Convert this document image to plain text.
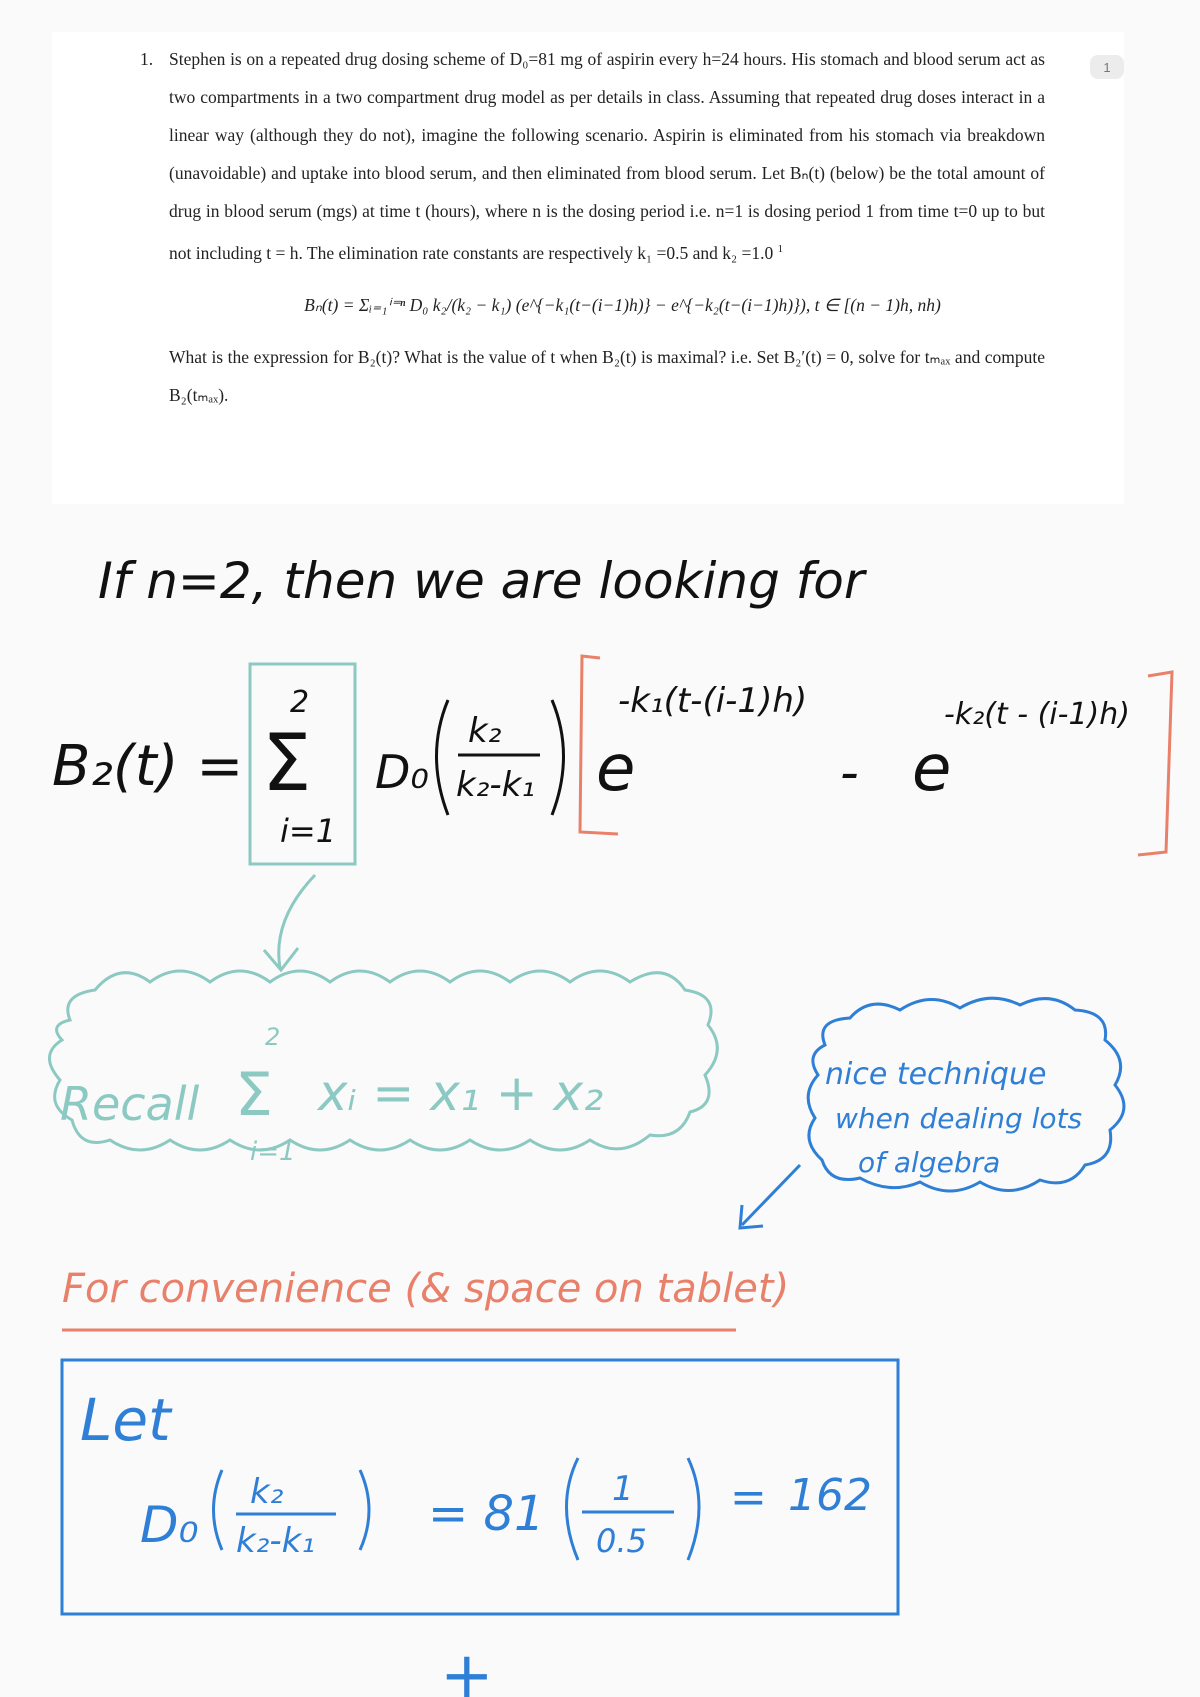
1
1. Stephen is on a repeated drug dosing scheme of D₀=81 mg of aspirin every h=24 hours. His stomach and blood serum act as two compartments in a two compartment drug model as per details in class. Assuming that repeated drug doses interact in a linear way (although they do not), imagine the following scenario. Aspirin is eliminated from his stomach via breakdown (unavoidable) and uptake into blood serum, and then eliminated from blood serum. Let Bₙ(t) (below) be the total amount of drug in blood serum (mgs) at time t (hours), where n is the dosing period i.e. n=1 is dosing period 1 from time t=0 up to but not including t = h. The elimination rate constants are respectively k₁ =0.5 and k₂ =1.0 $^1$

Bₙ(t) = Σᵢ₌₁ⁱ⁼ⁿ D₀ k₂/(k₂ − k₁) (e^{−k₁(t−(i−1)h)} − e^{−k₂(t−(i−1)h)}), t ∈ [(n − 1)h, nh)

What is the expression for B₂(t)? What is the value of t when B₂(t) is maximal? i.e. Set B₂′(t) = 0, solve for tₘₐₓ and compute B₂(tₘₐₓ).

If n=2, then we are looking for
B₂(t) =
2
Σ
i=1
D₀
k₂
k₂-k₁ e
-k₁(t-(i-1)h)
- e
-k₂(t - (i-1)h)
Recall
2
Σ
i=1
xᵢ = x₁ + x₂	nice technique
when dealing lots
of algebra
For convenience (& space on tablet)
Let
D₀
k₂
k₂-k₁ = 81 1
0.5
= 162
+
